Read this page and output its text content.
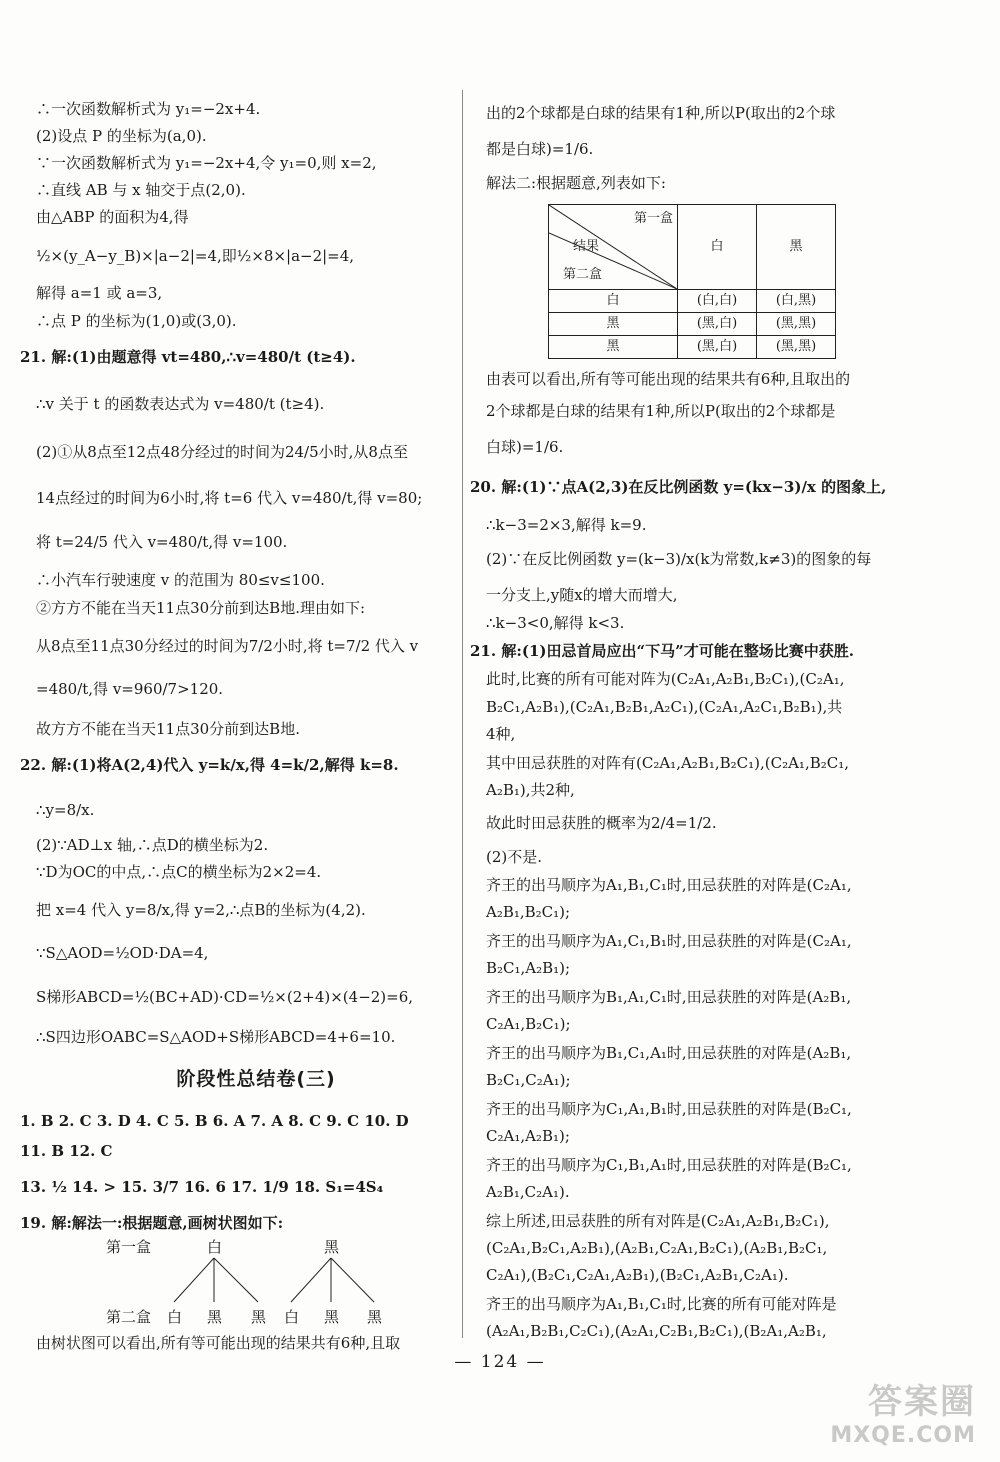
∴一次函数解析式为 y₁=−2x+4.
(2)设点 P 的坐标为(a,0).
∵一次函数解析式为 y₁=−2x+4,令 y₁=0,则 x=2,
∴直线 AB 与 x 轴交于点(2,0).
由△ABP 的面积为4,得
½×(y_A−y_B)×|a−2|=4,即½×8×|a−2|=4,
解得 a=1 或 a=3,
∴点 P 的坐标为(1,0)或(3,0).
21. 解:(1)由题意得 vt=480,∴v=480/t (t≥4).
∴v 关于 t 的函数表达式为 v=480/t (t≥4).
(2)①从8点至12点48分经过的时间为24/5小时,从8点至
14点经过的时间为6小时,将 t=6 代入 v=480/t,得 v=80;
将 t=24/5 代入 v=480/t,得 v=100.
∴小汽车行驶速度 v 的范围为 80≤v≤100.
②方方不能在当天11点30分前到达B地.理由如下:
从8点至11点30分经过的时间为7/2小时,将 t=7/2 代入 v
=480/t,得 v=960/7>120.
故方方不能在当天11点30分前到达B地.
22. 解:(1)将A(2,4)代入 y=k/x,得 4=k/2,解得 k=8.
∴y=8/x.
(2)∵AD⊥x 轴,∴点D的横坐标为2.
∵D为OC的中点,∴点C的横坐标为2×2=4.
把 x=4 代入 y=8/x,得 y=2,∴点B的坐标为(4,2).
∵S△AOD=½OD·DA=4,
S梯形ABCD=½(BC+AD)·CD=½×(2+4)×(4−2)=6,
∴S四边形OABC=S△AOD+S梯形ABCD=4+6=10.
阶段性总结卷(三)
1. B 2. C 3. D 4. C 5. B 6. A 7. A 8. C 9. C 10. D
11. B 12. C
13. ½ 14. > 15. 3/7 16. 6 17. 1/9 18. S₁=4S₄
19. 解:解法一:根据题意,画树状图如下:
第一盒	白	黑
第二盒 白 黑 黑 白 黑 黑
由树状图可以看出,所有等可能出现的结果共有6种,且取
出的2个球都是白球的结果有1种,所以P(取出的2个球
都是白球)=1/6.
解法二:根据题意,列表如下:
第一盒
结果
第二盒	白	黑
白	(白,白)	(白,黑)
黑	(黑,白)	(黑,黑)
黑	(黑,白)	(黑,黑)
由表可以看出,所有等可能出现的结果共有6种,且取出的
2个球都是白球的结果有1种,所以P(取出的2个球都是
白球)=1/6.
20. 解:(1)∵点A(2,3)在反比例函数 y=(kx−3)/x 的图象上,
∴k−3=2×3,解得 k=9.
(2)∵在反比例函数 y=(k−3)/x(k为常数,k≠3)的图象的每
一分支上,y随x的增大而增大,
∴k−3<0,解得 k<3.
21. 解:(1)田忌首局应出“下马”才可能在整场比赛中获胜.
此时,比赛的所有可能对阵为(C₂A₁,A₂B₁,B₂C₁),(C₂A₁,
B₂C₁,A₂B₁),(C₂A₁,B₂B₁,A₂C₁),(C₂A₁,A₂C₁,B₂B₁),共
4种,
其中田忌获胜的对阵有(C₂A₁,A₂B₁,B₂C₁),(C₂A₁,B₂C₁,
A₂B₁),共2种,
故此时田忌获胜的概率为2/4=1/2.
(2)不是.
齐王的出马顺序为A₁,B₁,C₁时,田忌获胜的对阵是(C₂A₁,
A₂B₁,B₂C₁);
齐王的出马顺序为A₁,C₁,B₁时,田忌获胜的对阵是(C₂A₁,
B₂C₁,A₂B₁);
齐王的出马顺序为B₁,A₁,C₁时,田忌获胜的对阵是(A₂B₁,
C₂A₁,B₂C₁);
齐王的出马顺序为B₁,C₁,A₁时,田忌获胜的对阵是(A₂B₁,
B₂C₁,C₂A₁);
齐王的出马顺序为C₁,A₁,B₁时,田忌获胜的对阵是(B₂C₁,
C₂A₁,A₂B₁);
齐王的出马顺序为C₁,B₁,A₁时,田忌获胜的对阵是(B₂C₁,
A₂B₁,C₂A₁).
综上所述,田忌获胜的所有对阵是(C₂A₁,A₂B₁,B₂C₁),
(C₂A₁,B₂C₁,A₂B₁),(A₂B₁,C₂A₁,B₂C₁),(A₂B₁,B₂C₁,
C₂A₁),(B₂C₁,C₂A₁,A₂B₁),(B₂C₁,A₂B₁,C₂A₁).
齐王的出马顺序为A₁,B₁,C₁时,比赛的所有可能对阵是
(A₂A₁,B₂B₁,C₂C₁),(A₂A₁,C₂B₁,B₂C₁),(B₂A₁,A₂B₁,
— 124 —
答案圈
MXQE.COM
